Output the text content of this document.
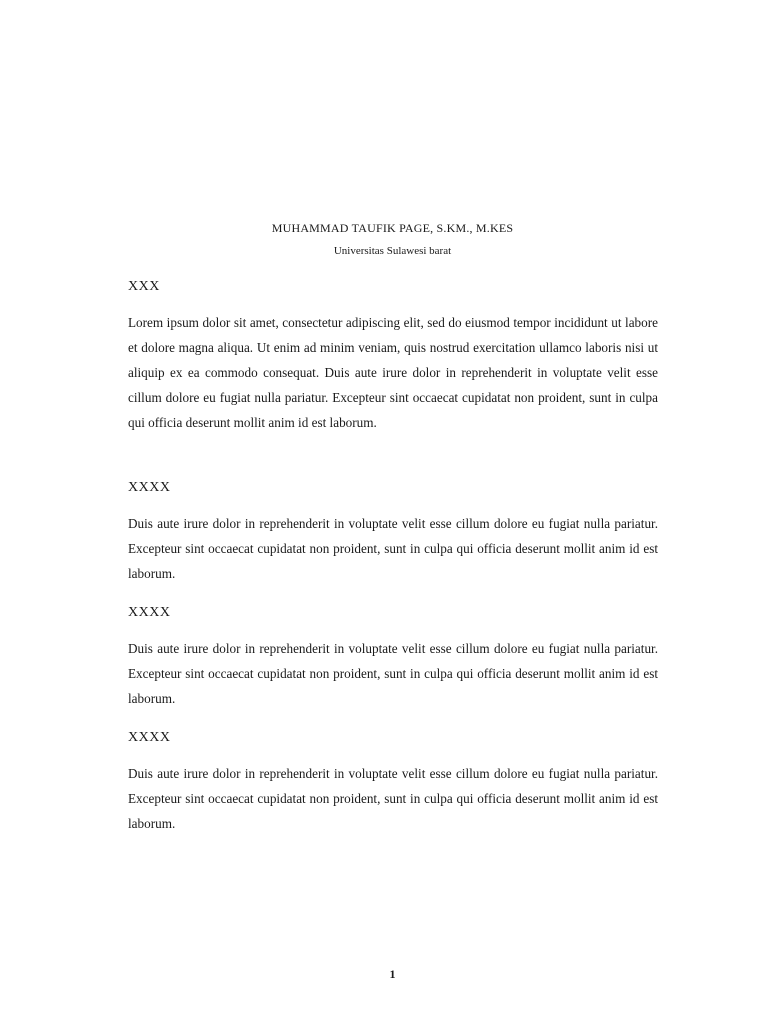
MUHAMMAD TAUFIK PAGE, S.KM., M.KES
Universitas Sulawesi barat
XXX

Lorem ipsum dolor sit amet, consectetur adipiscing elit, sed do eiusmod tempor incididunt ut labore et dolore magna aliqua. Ut enim ad minim veniam, quis nostrud exercitation ullamco laboris nisi ut aliquip ex ea commodo consequat. Duis aute irure dolor in reprehenderit in voluptate velit esse cillum dolore eu fugiat nulla pariatur. Excepteur sint occaecat cupidatat non proident, sunt in culpa qui officia deserunt mollit anim id est laborum.

XXXX

Duis aute irure dolor in reprehenderit in voluptate velit esse cillum dolore eu fugiat nulla pariatur. Excepteur sint occaecat cupidatat non proident, sunt in culpa qui officia deserunt mollit anim id est laborum.

XXXX

Duis aute irure dolor in reprehenderit in voluptate velit esse cillum dolore eu fugiat nulla pariatur. Excepteur sint occaecat cupidatat non proident, sunt in culpa qui officia deserunt mollit anim id est laborum.

XXXX

Duis aute irure dolor in reprehenderit in voluptate velit esse cillum dolore eu fugiat nulla pariatur. Excepteur sint occaecat cupidatat non proident, sunt in culpa qui officia deserunt mollit anim id est laborum.

1
